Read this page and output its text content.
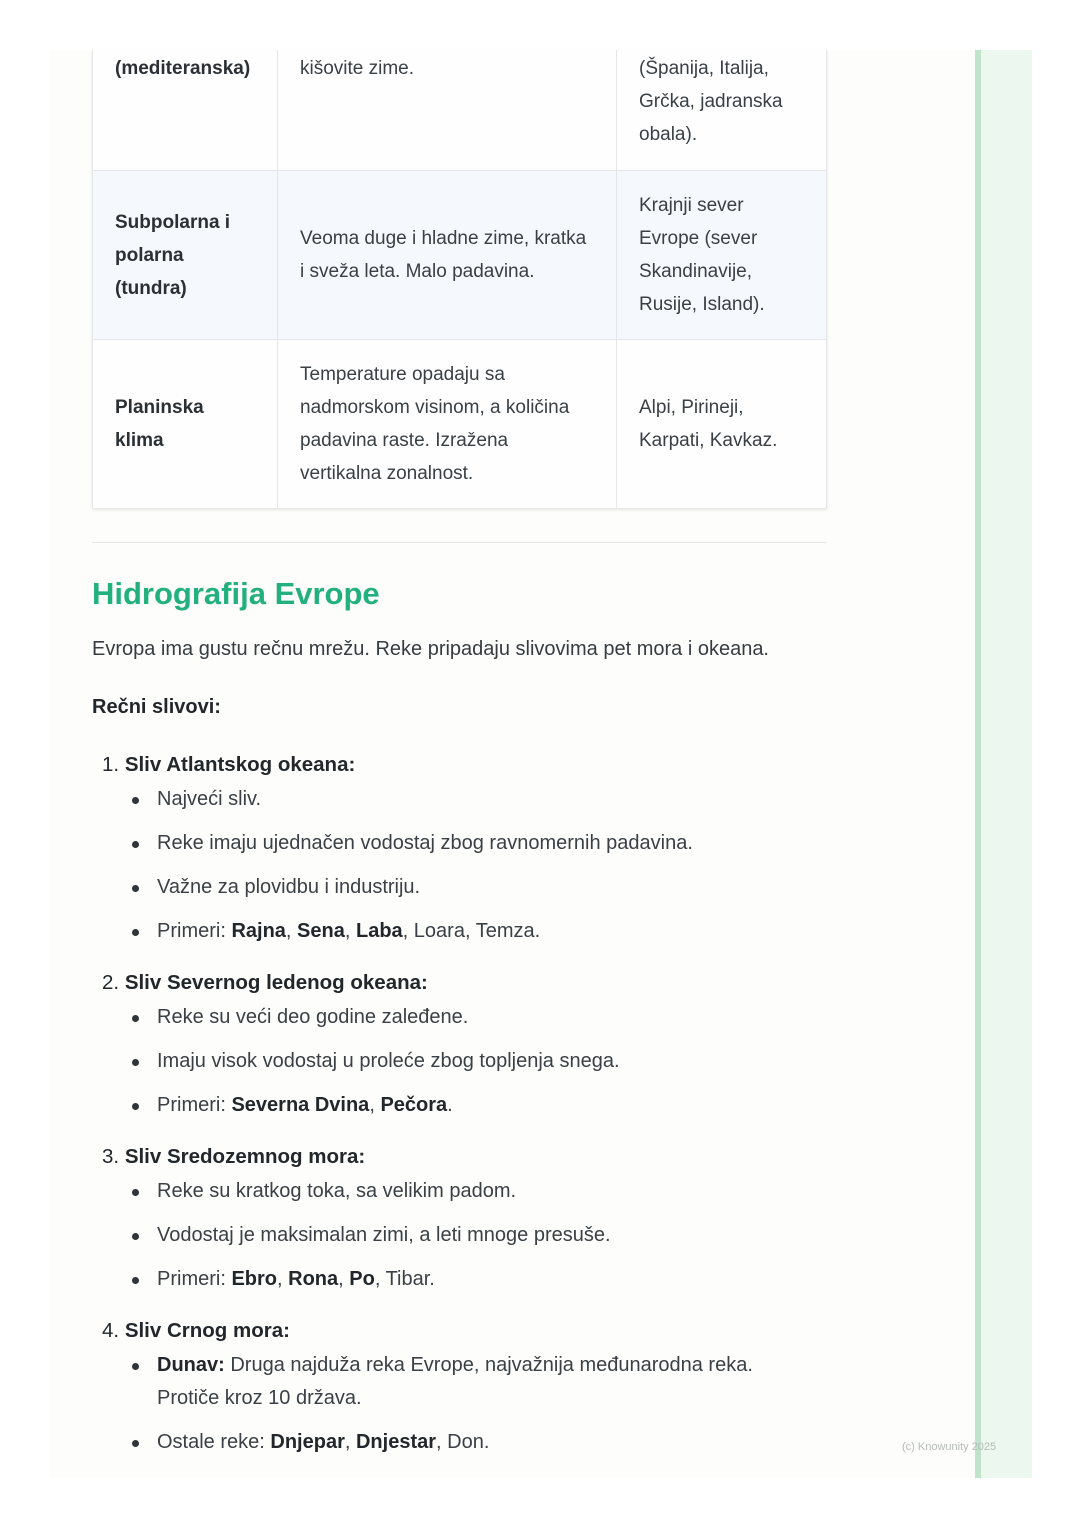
(mediteranska)	kišovite zime.	(Španija, Italija, Grčka, jadranska obala).
Subpolarna i polarna (tundra)	Veoma duge i hladne zime, kratka i sveža leta. Malo padavina.	Krajnji sever Evrope (sever Skandinavije, Rusije, Island).
Planinska klima	Temperature opadaju sa nadmorskom visinom, a količina padavina raste. Izražena vertikalna zonalnost.	Alpi, Pirineji, Karpati, Kavkaz.
Hidrografija Evrope

Evropa ima gustu rečnu mrežu. Reke pripadaju slivovima pet mora i okeana.

Rečni slivovi:

1. Sliv Atlantskog okeana:
Najveći sliv.
Reke imaju ujednačen vodostaj zbog ravnomernih padavina.
Važne za plovidbu i industriju.
Primeri: Rajna, Sena, Laba, Loara, Temza.
2. Sliv Severnog ledenog okeana:
Reke su veći deo godine zaleđene.
Imaju visok vodostaj u proleće zbog topljenja snega.
Primeri: Severna Dvina, Pečora.
3. Sliv Sredozemnog mora:
Reke su kratkog toka, sa velikim padom.
Vodostaj je maksimalan zimi, a leti mnoge presuše.
Primeri: Ebro, Rona, Po, Tibar.
4. Sliv Crnog mora:
Dunav: Druga najduža reka Evrope, najvažnija međunarodna reka. Protiče kroz 10 država.
Ostale reke: Dnjepar, Dnjestar, Don.	(c) Knowunity 2025
